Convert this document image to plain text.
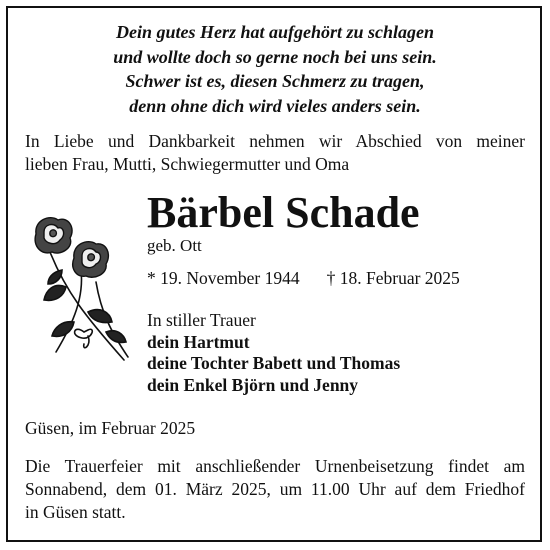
Dein gutes Herz hat aufgehört zu schlagen
und wollte doch so gerne noch bei uns sein.
Schwer ist es, diesen Schmerz zu tragen,
denn ohne dich wird vieles anders sein.
In Liebe und Dankbarkeit nehmen wir Abschied von meiner
lieben Frau, Mutti, Schwiegermutter und Oma
Bärbel Schade
geb. Ott
* 19. November 1944 † 18. Februar 2025
In stiller Trauer
dein Hartmut
deine Tochter Babett und Thomas
dein Enkel Björn und Jenny
Güsen, im Februar 2025
Die Trauerfeier mit anschließender Urnenbeisetzung findet am
Sonnabend, dem 01. März 2025, um 11.00 Uhr auf dem Friedhof
in Güsen statt.
